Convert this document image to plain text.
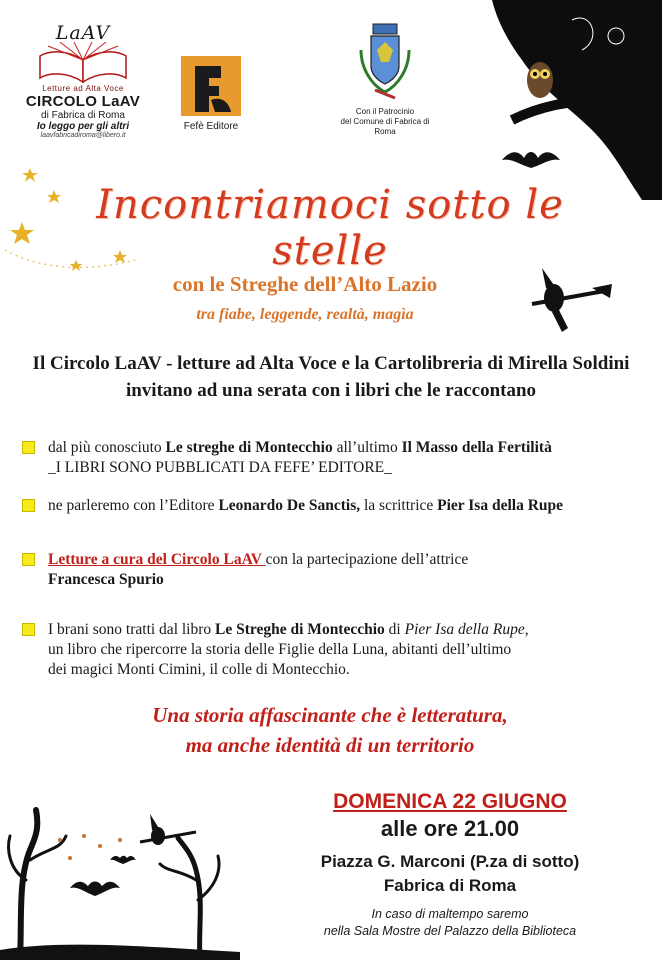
LaAV
Letture ad Alta Voce
CIRCOLO LaAV
di Fabrica di Roma
Io leggo per gli altri
laavfabricadiroma@libero.it
Fefè Editore
Con il Patrocinio
del Comune di Fabrica di Roma
Incontriamoci sotto le stelle
con le Streghe dell’Alto Lazio
tra fiabe, leggende, realtà, magìa
Il Circolo LaAV - letture ad Alta Voce e la Cartolibreria di Mirella Soldini
invitano ad una serata con i libri che le raccontano
dal più conosciuto Le streghe di Montecchio all’ultimo Il Masso della Fertilità
_I LIBRI SONO PUBBLICATI DA FEFE’ EDITORE_
ne parleremo con l’Editore Leonardo De Sanctis, la scrittrice Pier Isa della Rupe
Letture a cura del Circolo LaAV con la partecipazione dell’attrice
Francesca Spurio
I brani sono tratti dal libro Le Streghe di Montecchio di Pier Isa della Rupe,
un libro che ripercorre la storia delle Figlie della Luna, abitanti dell’ultimo
dei magici Monti Cimini, il colle di Montecchio.
Una storia affascinante che è letteratura,
ma anche identità di un territorio
DOMENICA 22 GIUGNO
alle ore 21.00
Piazza G. Marconi (P.za di sotto)
Fabrica di Roma
In caso di maltempo saremo
nella Sala Mostre del Palazzo della Biblioteca
